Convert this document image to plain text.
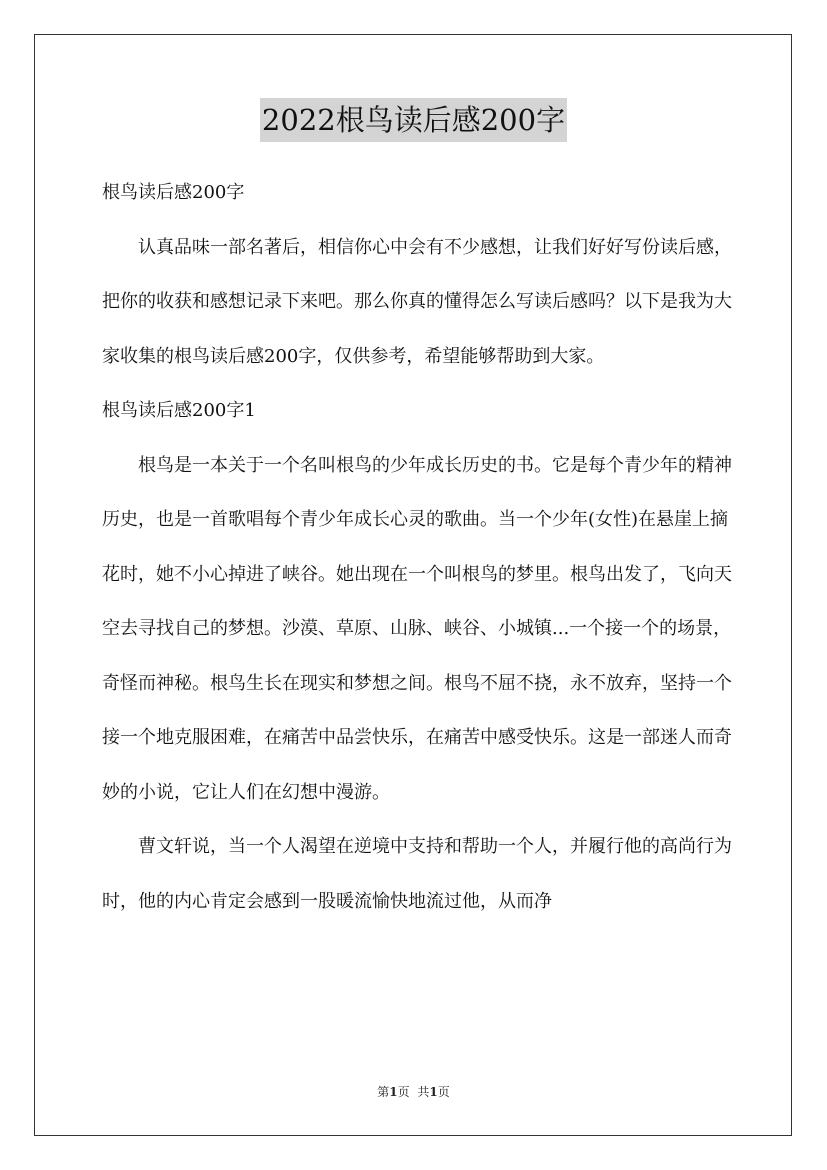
2022根鸟读后感200字

根鸟读后感200字

认真品味一部名著后，相信你心中会有不少感想，让我们好好写份读后感，把你的收获和感想记录下来吧。那么你真的懂得怎么写读后感吗？以下是我为大家收集的根鸟读后感200字，仅供参考，希望能够帮助到大家。

根鸟读后感200字1

根鸟是一本关于一个名叫根鸟的少年成长历史的书。它是每个青少年的精神历史，也是一首歌唱每个青少年成长心灵的歌曲。当一个少年(女性)在悬崖上摘花时，她不小心掉进了峡谷。她出现在一个叫根鸟的梦里。根鸟出发了，飞向天空去寻找自己的梦想。沙漠、草原、山脉、峡谷、小城镇...一个接一个的场景，奇怪而神秘。根鸟生长在现实和梦想之间。根鸟不屈不挠，永不放弃，坚持一个接一个地克服困难，在痛苦中品尝快乐，在痛苦中感受快乐。这是一部迷人而奇妙的小说，它让人们在幻想中漫游。

曹文轩说，当一个人渴望在逆境中支持和帮助一个人，并履行他的高尚行为时，他的内心肯定会感到一股暖流愉快地流过他，从而净

第1页 共1页
